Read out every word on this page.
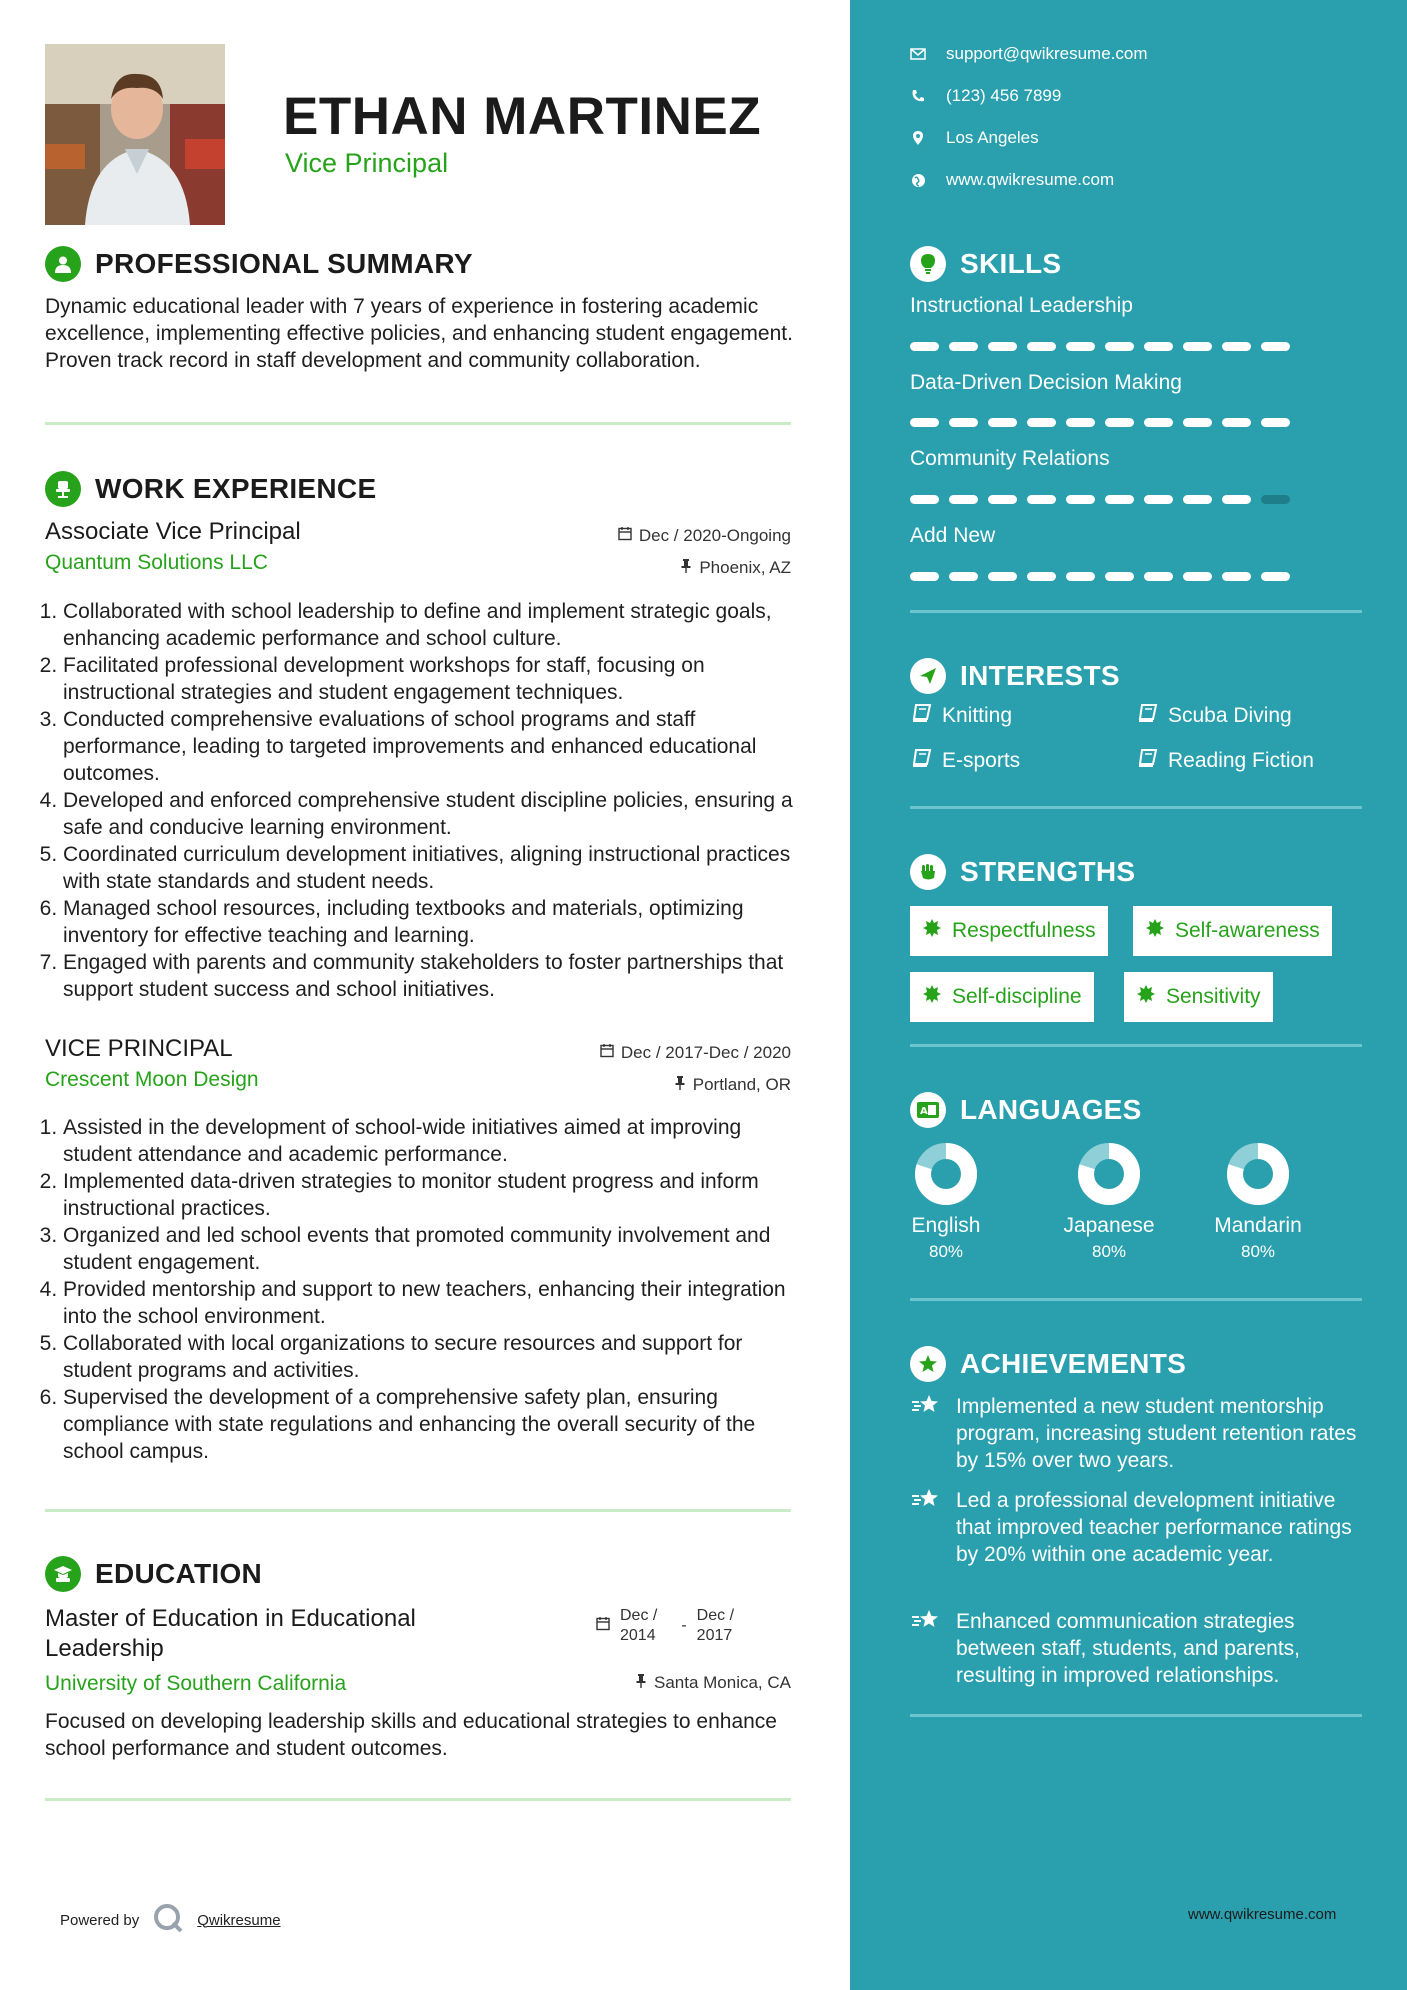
ETHAN MARTINEZ
Vice Principal
PROFESSIONAL SUMMARY
Dynamic educational leader with 7 years of experience in fostering academic excellence, implementing effective policies, and enhancing student engagement. Proven track record in staff development and community collaboration.
WORK EXPERIENCE
Associate Vice Principal	Dec / 2020-Ongoing
Quantum Solutions LLC	Phoenix, AZ
1. Collaborated with school leadership to define and implement strategic goals, enhancing academic performance and school culture.
2. Facilitated professional development workshops for staff, focusing on instructional strategies and student engagement techniques.
3. Conducted comprehensive evaluations of school programs and staff performance, leading to targeted improvements and enhanced educational outcomes.
4. Developed and enforced comprehensive student discipline policies, ensuring a safe and conducive learning environment.
5. Coordinated curriculum development initiatives, aligning instructional practices with state standards and student needs.
6. Managed school resources, including textbooks and materials, optimizing inventory for effective teaching and learning.
7. Engaged with parents and community stakeholders to foster partnerships that support student success and school initiatives.
VICE PRINCIPAL	Dec / 2017-Dec / 2020
Crescent Moon Design	Portland, OR
1. Assisted in the development of school-wide initiatives aimed at improving student attendance and academic performance.
2. Implemented data-driven strategies to monitor student progress and inform instructional practices.
3. Organized and led school events that promoted community involvement and student engagement.
4. Provided mentorship and support to new teachers, enhancing their integration into the school environment.
5. Collaborated with local organizations to secure resources and support for student programs and activities.
6. Supervised the development of a comprehensive safety plan, ensuring compliance with state regulations and enhancing the overall security of the school campus.
EDUCATION
Master of Education in Educational Leadership
Dec /
2014
-
Dec /
2017
University of Southern California	Santa Monica, CA
Focused on developing leadership skills and educational strategies to enhance school performance and student outcomes.
Powered by	Qwikresume
support@qwikresume.com
(123) 456 7899
Los Angeles
www.qwikresume.com
SKILLS
Instructional Leadership
Data-Driven Decision Making
Community Relations
Add New
INTERESTS
Knitting	Scuba Diving
E-sports	Reading Fiction
STRENGTHS
Respectfulness	Self-awareness
Self-discipline	Sensitivity
A LANGUAGES
English
80%
Japanese
80%
Mandarin
80%
ACHIEVEMENTS
Implemented a new student mentorship program, increasing student retention rates by 15% over two years.
Led a professional development initiative that improved teacher performance ratings by 20% within one academic year.
Enhanced communication strategies between staff, students, and parents, resulting in improved relationships.
www.qwikresume.com
